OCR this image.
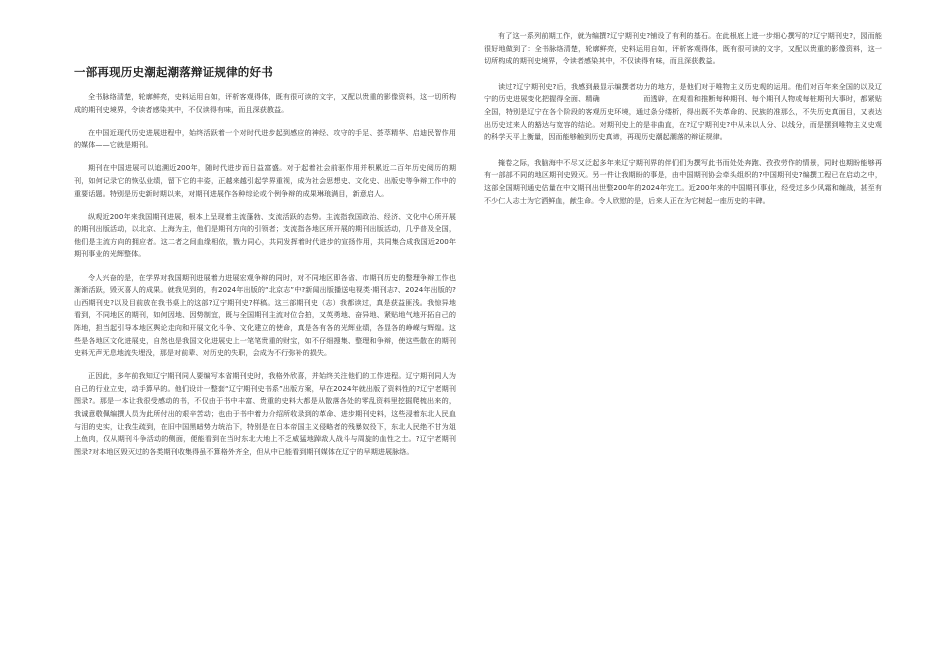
一部再现历史潮起潮落辩证规律的好书

全书脉络清楚，轮廓鲜亮，史料运用自如，评析客观得体，既有很可读的文字，又配以贵重的影像资料，这一切所构成的期刊史境界，令读者感染其中，不仅读得有味，而且深获教益。

在中国近现代历史进展进程中，始终活跃着一个对时代进步起到感应的神经、攻守的手足、荟萃精华、启迪民智作用的媒体——它就是期刊。

期刊在中国进展可以追溯近200年，随时代进步而日益富盛。对于起着社会前驱作用并积累近二百年历史阅历的期刊，如何记录它的恢弘业绩，留下它的丰姿，正越来越引起学界重视，成为社会思想史、文化史、出版史等争辩工作中的重要话题。特别是历史新时期以来，对期刊进展作各种综论或个例争辩的成果琳琅满目，新意启人。

纵观近200年来我国期刊进展，根本上呈现着主流蓬勃、支流活跃的态势。主流指我国政治、经济、文化中心所开展的期刊出版活动，以北京、上海为主，他们是期刊方向的引领者；支流指各地区所开展的期刊出版活动，几乎普及全国，他们是主流方向的拥应者。这二者之间血缘相依，戮力同心，共同发挥着时代进步的宣扬作用，共同集合成我国近200年期刊事业的光辉整体。

令人兴奋的是，在学界对我国期刊进展着力进展宏观争辩的同时，对不同地区即各省、市期刊历史的整理争辩工作也渐渐活跃，毁灭喜人的成果。就我见到的，有2024年出版的“北京志”中?新闻出版播送电视类·期刊志?、2024年出版的?山西期刊史?以及目前放在我书桌上的这部?辽宁期刊史?样稿。这三部期刊史（志）我都读过，真是获益匪浅。我惊异地看到，不同地区的期刊，如何因地、因势制宜，既与全国期刊主流对位合拍，又英勇地、奋异地、紧贴地气地开拓自己的阵地，担当起引导本地区舆论走向和开展文化斗争、文化建立的使命，真是各有各的光辉业绩，各显各的峥嵘与辉煌。这些是各地区文化进展史，自然也是我国文化进展史上一笔笔贵重的财宝，如不仔细搜集、整理和争辩，使这些散在的期刊史料无声无息地流失埋没，那是对前辈、对历史的失职，会成为不行弥补的损失。

正因此，多年前我知辽宁期刊同人要编写本省期刊史时，我格外欣喜，并始终关注他们的工作进程。辽宁期刊同人为自己的行业立史，动手算早的。他们设计一整套“辽宁期刊史书系”出版方案，早在2024年就出版了资料性的?辽宁老期刊图录?。那是一本让我很受感动的书，不仅由于书中丰富、贵重的史料大都是从散落各处的零乱资料里挖掘爬梳出来的，我诚意敬佩编撰人员为此所付出的艰辛苦动；也由于书中着力介绍所收录到的革命、进步期刊史料，这些浸着东北人民血与泪的史实，让我生疏到，在旧中国黑暗势力统治下，特别是在日本帝国主义侵略者的残暴奴役下，东北人民绝不甘为俎上鱼肉，仅从期刊斗争活动的侧面，便能看到在当时东北大地上不乏威猛地踔敌人战斗与周旋的血性之士。?辽宁老期刊图录?对本地区毁灭过的各类期刊收集得虽不算格外齐全，但从中已能看到期刊媒体在辽宁的早期进展脉络。

有了这一系列前期工作，就为编撰?辽宁期刊史?铺设了有利的基石。在此根底上进一步细心撰写的?辽宁期刊史?，园而能很好地做到了：全书脉络清楚，轮廓鲜亮，史料运用自如，评析客观得体，既有很可读的文字，又配以贵重的影像资料，这一切所构成的期刊史境界，令读者感染其中，不仅读得有味，而且深获教益。

读过?辽宁期刊史?后，我感到最显示编撰者功力的地方，是他们对于唯物主义历史观的运用。他们对百年来全国的以及辽宁的历史进展变化把握得全面、精确　　　　　　而透辟，在观看和推断每种期刊、每个期刊人物或每桩期刊大事时，都紧贴全国，特别是辽宁在各个阶段的客观历史环境，通过条分缕析，得出既不失革命的、民族的准那么，不失历史真面目，又表达出历史过来人的豁达与宽容的结论。对期刊史上的是非曲直，在?辽宁期刊史?中从未以人分、以线分，而是摆到唯物主义史观的科学天平上衡量，因而能够触到历史真谛，再现历史潮起潮落的辩证规律。

掩卷之际，我脑海中不尽又泛起多年来辽宁期刊界的伴们们为撰写此书而处处奔跑、孜孜劳作的情景，同时也期盼能够再有一部部不同的地区期刊史毁灭。另一件让我期盼的事是，由中国期刊协会牵头组织的?中国期刊史?编撰工程已在启动之中，这部全国期刊通史估量在中文期刊出世整200年的2024年完工。近200年来的中国期刊事业，经受过多少风霜和缠战，甚至有不少仁人志士为它洒鲜血，献生命。令人欣慰的是，后来人正在为它树起一座历史的丰碑。
